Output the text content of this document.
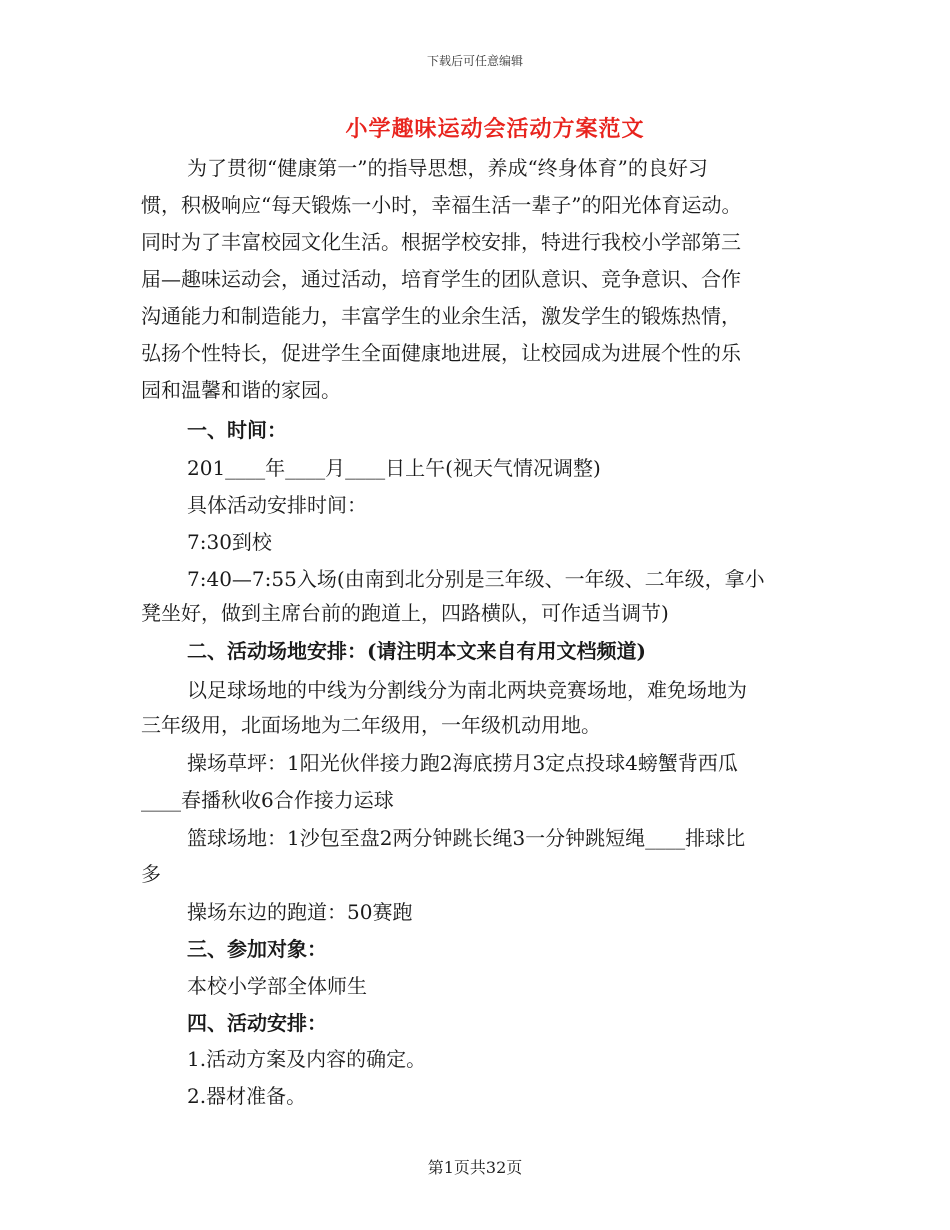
下载后可任意编辑
小学趣味运动会活动方案范文
为了贯彻“健康第一”的指导思想，养成“终身体育”的良好习
惯，积极响应“每天锻炼一小时，幸福生活一辈子”的阳光体育运动。
同时为了丰富校园文化生活。根据学校安排，特进行我校小学部第三
届—趣味运动会，通过活动，培育学生的团队意识、竞争意识、合作
沟通能力和制造能力，丰富学生的业余生活，激发学生的锻炼热情，
弘扬个性特长，促进学生全面健康地进展，让校园成为进展个性的乐
园和温馨和谐的家园。
一、时间：
201____年____月____日上午(视天气情况调整)
具体活动安排时间：
7:30到校
7:40—7:55入场(由南到北分别是三年级、一年级、二年级，拿小
凳坐好，做到主席台前的跑道上，四路横队，可作适当调节)
二、活动场地安排：(请注明本文来自有用文档频道)
以足球场地的中线为分割线分为南北两块竞赛场地，难免场地为
三年级用，北面场地为二年级用，一年级机动用地。
操场草坪：1阳光伙伴接力跑2海底捞月3定点投球4螃蟹背西瓜
____春播秋收6合作接力运球
篮球场地：1沙包至盘2两分钟跳长绳3一分钟跳短绳____排球比
多
操场东边的跑道：50赛跑
三、参加对象：
本校小学部全体师生
四、活动安排：
1.活动方案及内容的确定。
2.器材准备。
第1页共32页
